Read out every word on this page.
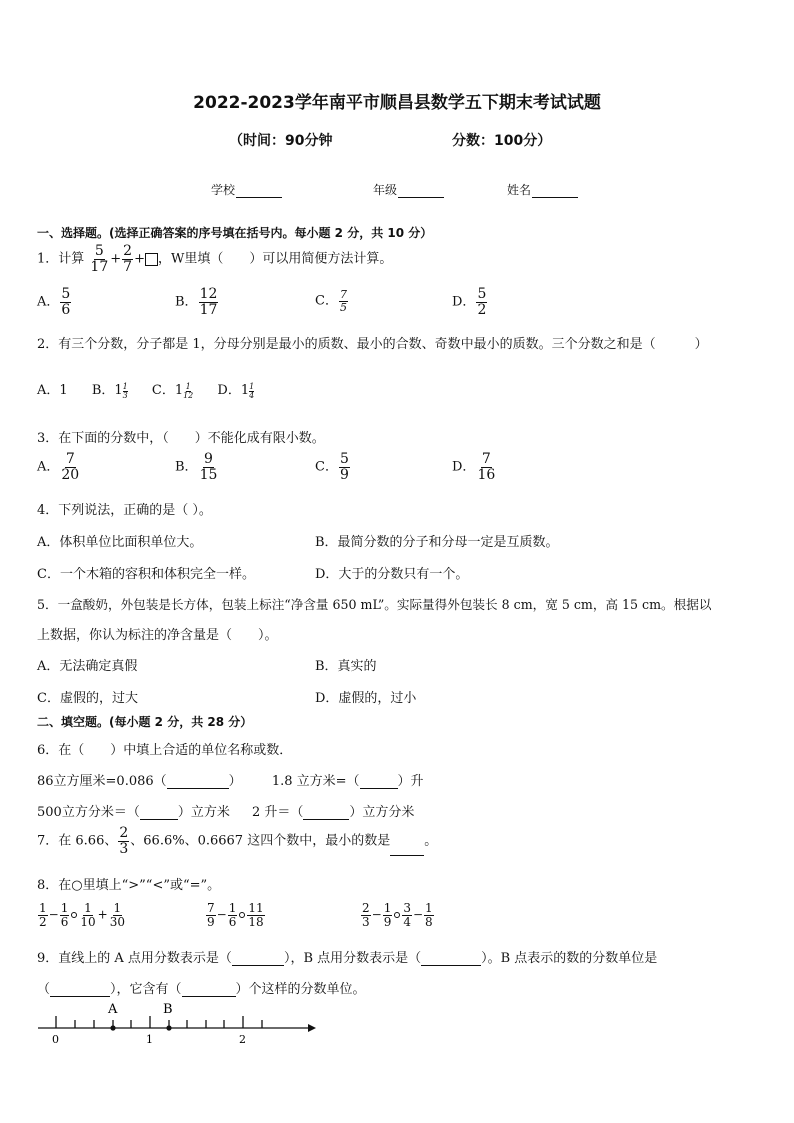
2022-2023学年南平市顺昌县数学五下期末考试试题
（时间：90分钟	分数：100分）
学校	年级	姓名
一、选择题。(选择正确答案的序号填在括号内。每小题 2 分，共 10 分）
1．计算 $\frac{5}{17} + \frac{2}{7}$ + ，W里填（　　）可以用简便方法计算。
A． $\frac{5}{6}$	B． $\frac{12}{17}$	C． $\frac{7}{5}$	D． $\frac{5}{2}$
2．有三个分数，分子都是 1，分母分别是最小的质数、最小的合数、奇数中最小的质数。三个分数之和是（　　　）
A．1 B．$1 \frac{1}{3}$ C．$1 \frac{1}{12}$ D．$1 \frac{1}{4}$
3．在下面的分数中，（　　）不能化成有限小数。
A． $\frac{7}{20}$	B． $\frac{9}{15}$	C． $\frac{5}{9}$	D． $\frac{7}{16}$
4．下列说法，正确的是（ ）。
A．体积单位比面积单位大。	B．最简分数的分子和分母一定是互质数。
C．一个木箱的容积和体积完全一样。	D．大于的分数只有一个。
5．一盒酸奶，外包装是长方体，包装上标注“净含量 650 mL”。实际量得外包装长 8 cm，宽 5 cm，高 15 cm。根据以
上数据，你认为标注的净含量是（　　）。
A．无法确定真假	B．真实的
C．虚假的，过大	D．虚假的，过小
二、填空题。(每小题 2 分，共 28 分）
6．在（　　）中填上合适的单位名称或数．
86立方厘米=0.086（	） 1.8 立方米=（	）升
500立方分米＝（	）立方米 2 升＝（	）立方分米
7．在 6.66、 $\frac{2}{3}$ 、66.6%、0.6667 这四个数中，最小的数是	。
8．在○里填上“>”“<”或“=”。
$\frac{1}{2} - \frac{1}{6} \frac{1}{10} + \frac{1}{30}$	$\frac{7}{9} - \frac{1}{6} \frac{11}{18}$	$\frac{2}{3} - \frac{1}{9} \frac{3}{4} - \frac{1}{8}$
9．直线上的 A 点用分数表示是（	），B 点用分数表示是（	）。B 点表示的数的分数单位是
（	），它含有（	）个这样的分数单位。
A	B
0	1	2
